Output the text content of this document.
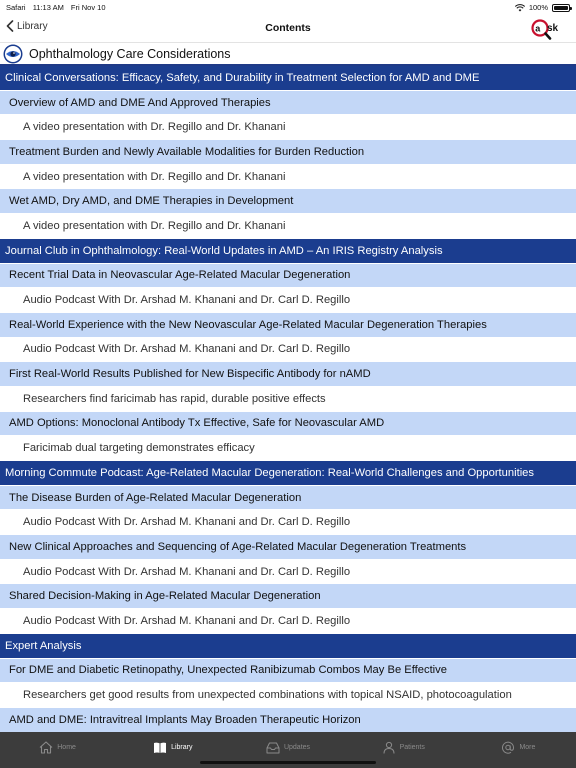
Safari 11:13 AM Fri Nov 10	100%
Library	Contents	a sk
Ophthalmology Care Considerations
Clinical Conversations: Efficacy, Safety, and Durability in Treatment Selection for AMD and DME
Overview of AMD and DME And Approved Therapies
A video presentation with Dr. Regillo and Dr. Khanani
Treatment Burden and Newly Available Modalities for Burden Reduction
A video presentation with Dr. Regillo and Dr. Khanani
Wet AMD, Dry AMD, and DME Therapies in Development
A video presentation with Dr. Regillo and Dr. Khanani
Journal Club in Ophthalmology: Real-World Updates in AMD – An IRIS Registry Analysis
Recent Trial Data in Neovascular Age-Related Macular Degeneration
Audio Podcast With Dr. Arshad M. Khanani and Dr. Carl D. Regillo
Real-World Experience with the New Neovascular Age-Related Macular Degeneration Therapies
Audio Podcast With Dr. Arshad M. Khanani and Dr. Carl D. Regillo
First Real-World Results Published for New Bispecific Antibody for nAMD
Researchers find faricimab has rapid, durable positive effects
AMD Options: Monoclonal Antibody Tx Effective, Safe for Neovascular AMD
Faricimab dual targeting demonstrates efficacy
Morning Commute Podcast: Age-Related Macular Degeneration: Real-World Challenges and Opportunities
The Disease Burden of Age-Related Macular Degeneration
Audio Podcast With Dr. Arshad M. Khanani and Dr. Carl D. Regillo
New Clinical Approaches and Sequencing of Age-Related Macular Degeneration Treatments
Audio Podcast With Dr. Arshad M. Khanani and Dr. Carl D. Regillo
Shared Decision-Making in Age-Related Macular Degeneration
Audio Podcast With Dr. Arshad M. Khanani and Dr. Carl D. Regillo
Expert Analysis
For DME and Diabetic Retinopathy, Unexpected Ranibizumab Combos May Be Effective
Researchers get good results from unexpected combinations with topical NSAID, photocoagulation
AMD and DME: Intravitreal Implants May Broaden Therapeutic Horizon
Home	Library	Updates	Patients	More
